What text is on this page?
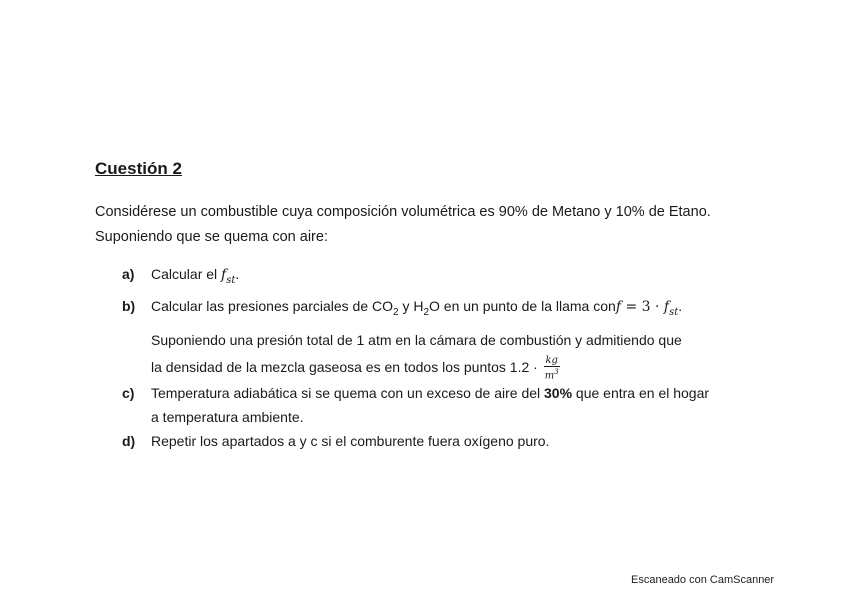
Cuestión 2
Considérese un combustible cuya composición volumétrica es 90% de Metano y 10% de Etano.
Suponiendo que se quema con aire:
a)	Calcular el $f_{st}$.
b)	Calcular las presiones parciales de $CO_2$ y $H_2O$ en un punto de la llama conf = $3 \cdot f_{st}$.
Suponiendo una presión total de 1 atm en la cámara de combustión y admitiendo que
la densidad de la mezcla gaseosa es en todos los puntos $1.2 \cdot \frac{kg}{m^3}$
c)	Temperatura adiabática si se quema con un exceso de aire del 30% que entra en el hogar
a temperatura ambiente.
d)	Repetir los apartados a y c si el comburente fuera oxígeno puro.
Escaneado con CamScanner
